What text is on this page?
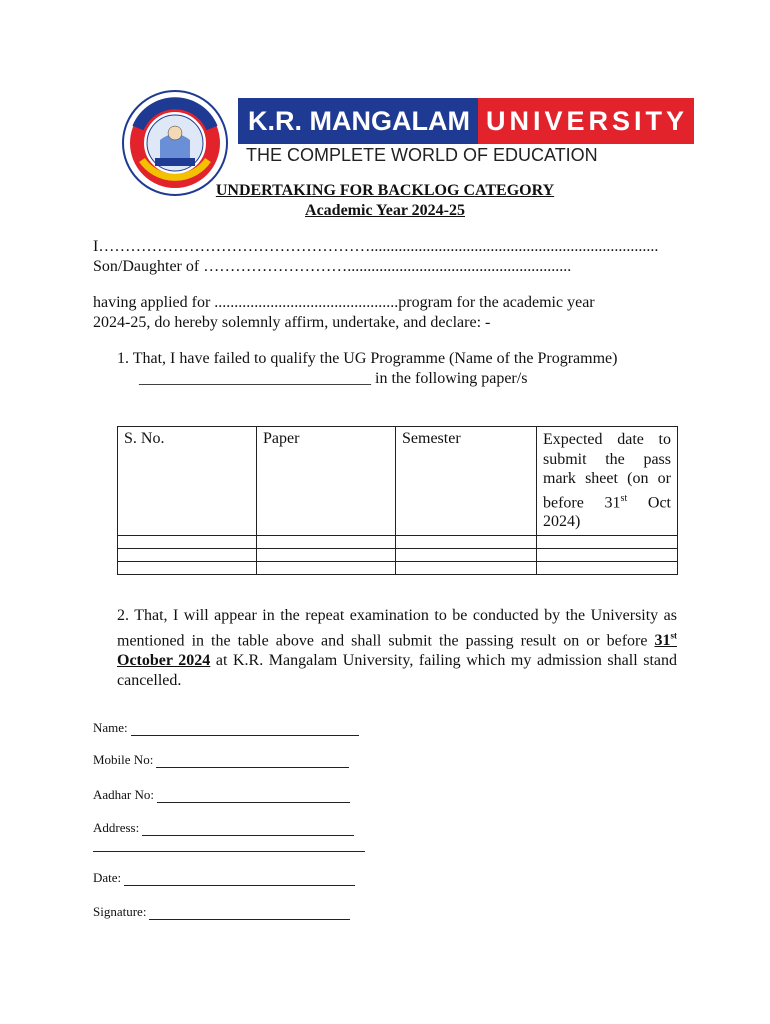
K.R. MANGALAM UNIVERSITY
THE COMPLETE WORLD OF EDUCATION
UNDERTAKING FOR BACKLOG CATEGORY
Academic Year 2024-25
I……………………………………………........................................................................
Son/Daughter of ………………………........................................................
having applied for ..............................................program for the academic year
2024-25, do hereby solemnly affirm, undertake, and declare: -
1. That, I have failed to qualify the UG Programme (Name of the Programme)
_____________________________ in the following paper/s
S. No.	Paper	Semester	Expected date to submit the pass mark sheet (on or before 31st Oct 2024)

2. That, I will appear in the repeat examination to be conducted by the University as mentioned in the table above and shall submit the passing result on or before 31st October 2024 at K.R. Mangalam University, failing which my admission shall stand cancelled.
Name:
Mobile No:
Aadhar No:
Address:
Date:
Signature:
